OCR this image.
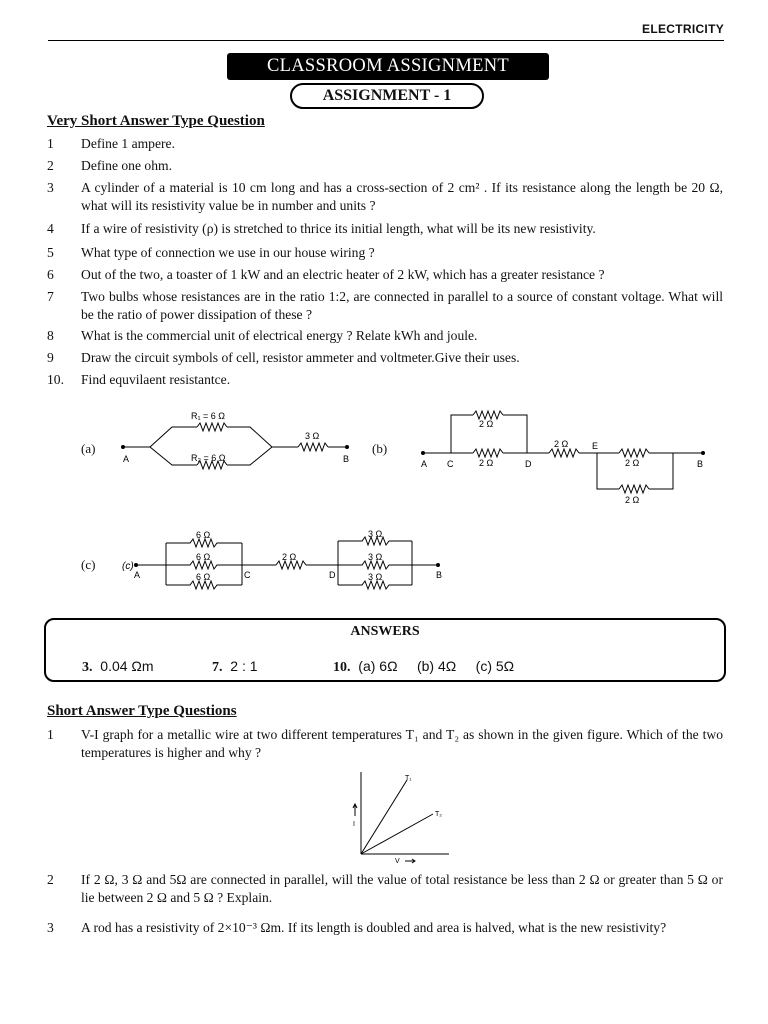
ELECTRICITY
CLASSROOM ASSIGNMENT
ASSIGNMENT - 1
Very Short Answer Type Question
1 Define 1 ampere.
2 Define one ohm.
3 A cylinder of a material is 10 cm long and has a cross-section of 2 cm² . If its resistance along the length be 20 Ω, what will its resistivity value be in number and units ?
4 If a wire of resistivity (ρ) is stretched to thrice its initial length, what will be its new resistivity.
5 What type of connection we use in our house wiring ?
6 Out of the two, a toaster of 1 kW and an electric heater of 2 kW, which has a greater resistance ?
7 Two bulbs whose resistances are in the ratio 1:2, are connected in parallel to a source of constant voltage. What will be the ratio of power dissipation of these ?
8 What is the commercial unit of electrical energy ? Relate kWh and joule.
9 Draw the circuit symbols of cell, resistor ammeter and voltmeter.Give their uses.
10. Find equvilaent resistantce.
(a)
R₁ = 6 Ω
R₂ = 6 Ω
3 Ω
A	B
(b)
2 Ω
2 Ω
2 Ω
2 Ω
2 Ω
A C	D
E
B
(c)	(c)
6 Ω
6 Ω
6 Ω
2 Ω
3 Ω
3 Ω
3 Ω
A	C	D	B
ANSWERS
3. 0.04 Ωm	7. 2 : 1	10. (a) 6Ω     (b) 4Ω     (c) 5Ω
Short Answer Type Questions
1 V-I graph for a metallic wire at two different temperatures T₁ and T₂ as shown in the given figure. Which of the two temperatures is higher and why ?
T₁
T₂
I
V
2 If 2 Ω, 3 Ω and 5Ω are connected in parallel, will the value of total resistance be less than 2 Ω or greater than 5 Ω or lie between 2 Ω and 5 Ω ? Explain.
3 A rod has a resistivity of 2×10⁻³ Ωm. If its length is doubled and area is halved, what is the new resistivity?
